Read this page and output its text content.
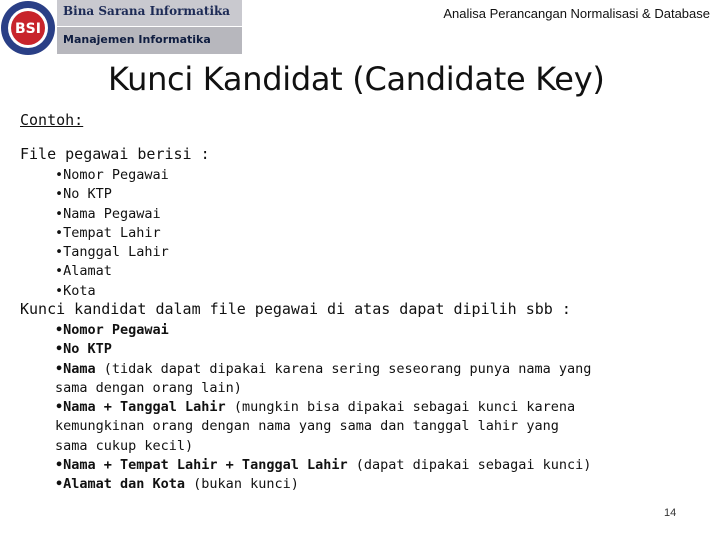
BSI
Bina Sarana Informatika
Manajemen Informatika
Analisa Perancangan Normalisasi & Database
Kunci Kandidat (Candidate Key)
Contoh:
File pegawai berisi :
•Nomor Pegawai
•No KTP
•Nama Pegawai
•Tempat Lahir
•Tanggal Lahir
•Alamat
•Kota
Kunci kandidat dalam file pegawai di atas dapat dipilih sbb :
•Nomor Pegawai
•No KTP
•Nama (tidak dapat dipakai karena sering seseorang punya nama yang
sama dengan orang lain)
•Nama + Tanggal Lahir (mungkin bisa dipakai sebagai kunci karena
kemungkinan orang dengan nama yang sama dan tanggal lahir yang
sama cukup kecil)
•Nama + Tempat Lahir + Tanggal Lahir (dapat dipakai sebagai kunci)
•Alamat dan Kota (bukan kunci)
14
